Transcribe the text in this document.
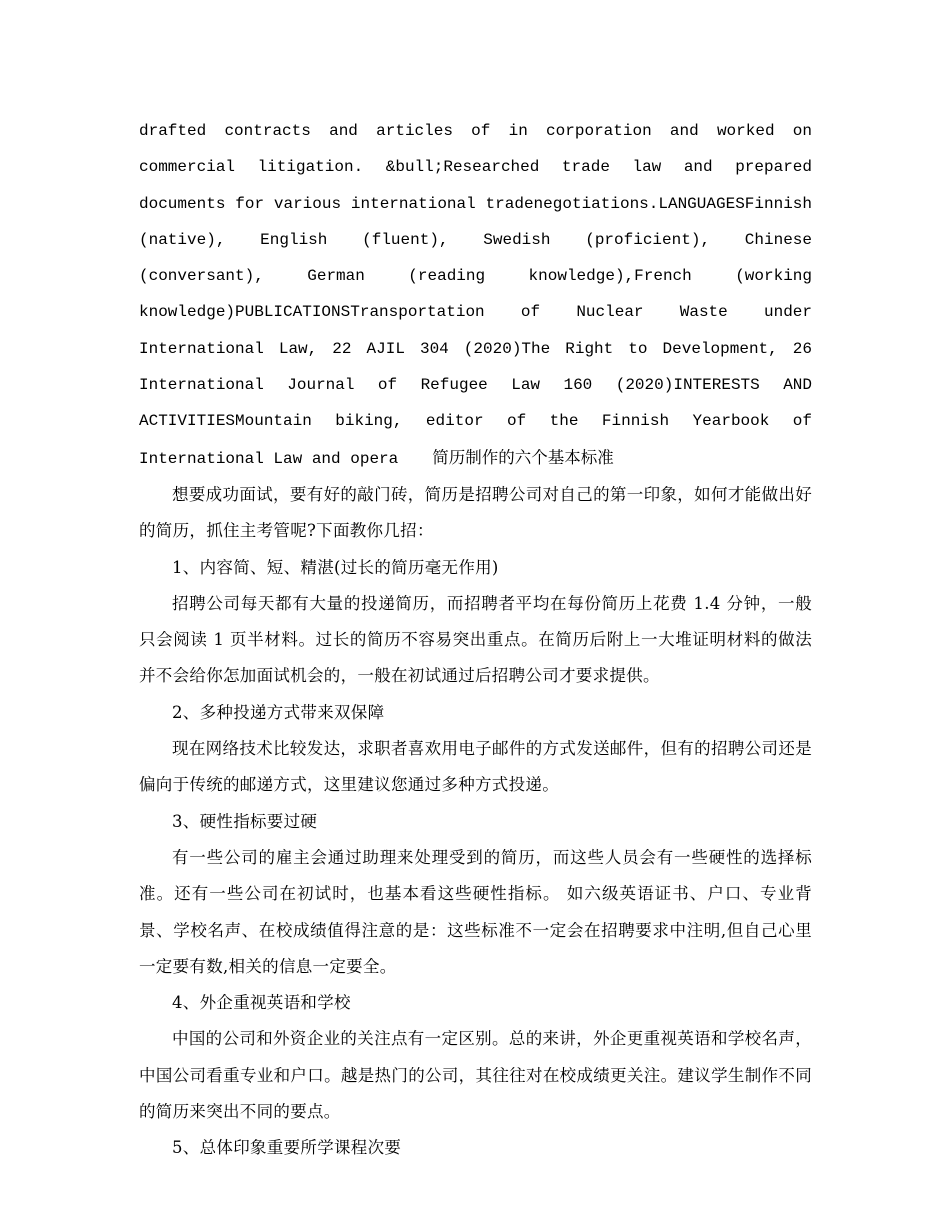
drafted contracts and articles of in corporation and worked on commercial litigation. &bull;Researched trade law and prepared documents for various international tradenegotiations.LANGUAGESFinnish (native), English (fluent), Swedish (proficient), Chinese (conversant), German (reading knowledge),French (working knowledge)PUBLICATIONSTransportation of Nuclear Waste under International Law, 22 AJIL 304 (2020)The Right to Development, 26 International Journal of Refugee Law 160 (2020)INTERESTS AND ACTIVITIESMountain biking, editor of the Finnish Yearbook of International Law and opera 简历制作的六个基本标准

想要成功面试，要有好的敲门砖，简历是招聘公司对自己的第一印象，如何才能做出好的简历，抓住主考管呢?下面教你几招：

1、内容简、短、精湛(过长的简历毫无作用)

招聘公司每天都有大量的投递简历，而招聘者平均在每份简历上花费 1.4 分钟，一般只会阅读 1 页半材料。过长的简历不容易突出重点。在简历后附上一大堆证明材料的做法并不会给你怎加面试机会的，一般在初试通过后招聘公司才要求提供。

2、多种投递方式带来双保障

现在网络技术比较发达，求职者喜欢用电子邮件的方式发送邮件，但有的招聘公司还是偏向于传统的邮递方式，这里建议您通过多种方式投递。

3、硬性指标要过硬

有一些公司的雇主会通过助理来处理受到的简历，而这些人员会有一些硬性的选择标准。还有一些公司在初试时，也基本看这些硬性指标。 如六级英语证书、户口、专业背景、学校名声、在校成绩值得注意的是：这些标准不一定会在招聘要求中注明,但自己心里一定要有数,相关的信息一定要全。

4、外企重视英语和学校

中国的公司和外资企业的关注点有一定区别。总的来讲，外企更重视英语和学校名声，中国公司看重专业和户口。越是热门的公司，其往往对在校成绩更关注。建议学生制作不同的简历来突出不同的要点。

5、总体印象重要所学课程次要
